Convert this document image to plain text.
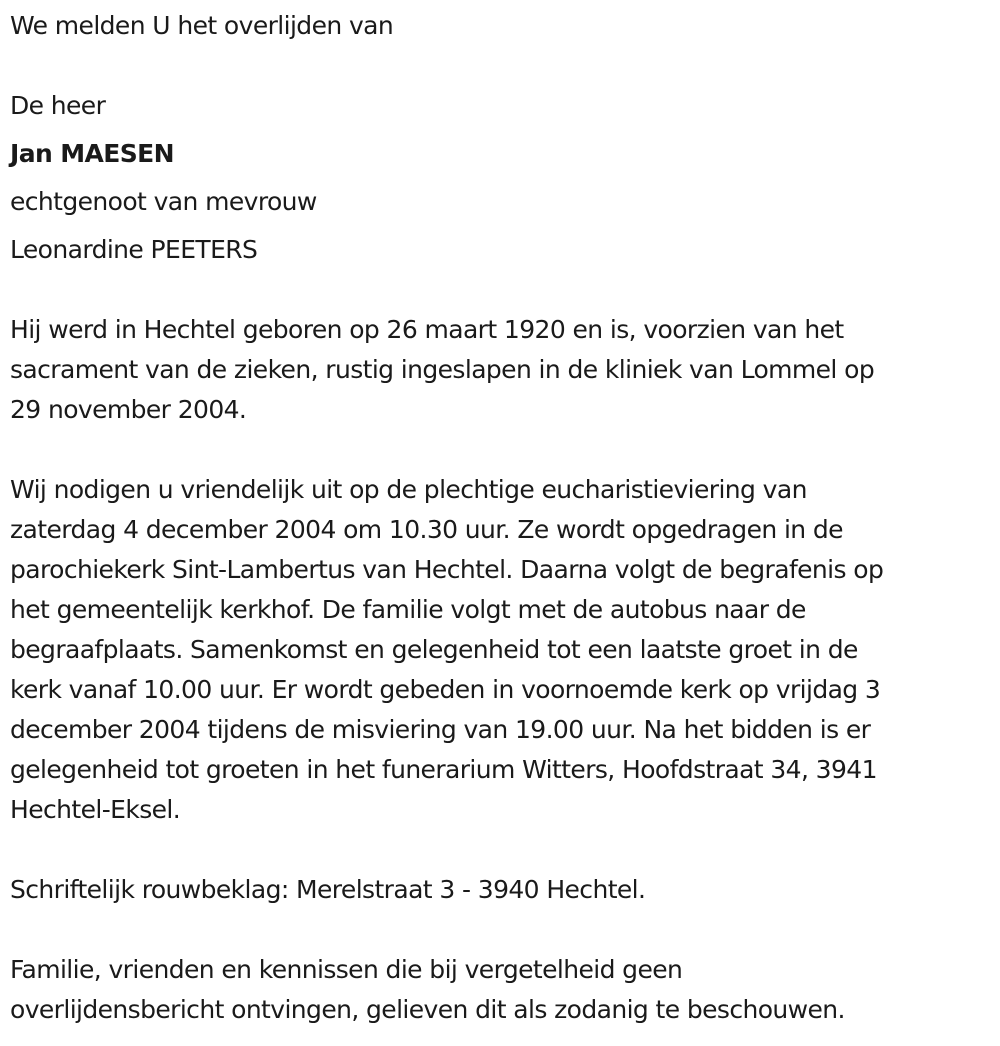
We melden U het overlijden van
De heer
Jan MAESEN
echtgenoot van mevrouw
Leonardine PEETERS
Hij werd in Hechtel geboren op 26 maart 1920 en is, voorzien van het
sacrament van de zieken, rustig ingeslapen in de kliniek van Lommel op
29 november 2004.
Wij nodigen u vriendelijk uit op de plechtige eucharistieviering van
zaterdag 4 december 2004 om 10.30 uur. Ze wordt opgedragen in de
parochiekerk Sint-Lambertus van Hechtel. Daarna volgt de begrafenis op
het gemeentelijk kerkhof. De familie volgt met de autobus naar de
begraafplaats. Samenkomst en gelegenheid tot een laatste groet in de
kerk vanaf 10.00 uur. Er wordt gebeden in voornoemde kerk op vrijdag 3
december 2004 tijdens de misviering van 19.00 uur. Na het bidden is er
gelegenheid tot groeten in het funerarium Witters, Hoofdstraat 34, 3941
Hechtel-Eksel.
Schriftelijk rouwbeklag: Merelstraat 3 - 3940 Hechtel.
Familie, vrienden en kennissen die bij vergetelheid geen
overlijdensbericht ontvingen, gelieven dit als zodanig te beschouwen.
